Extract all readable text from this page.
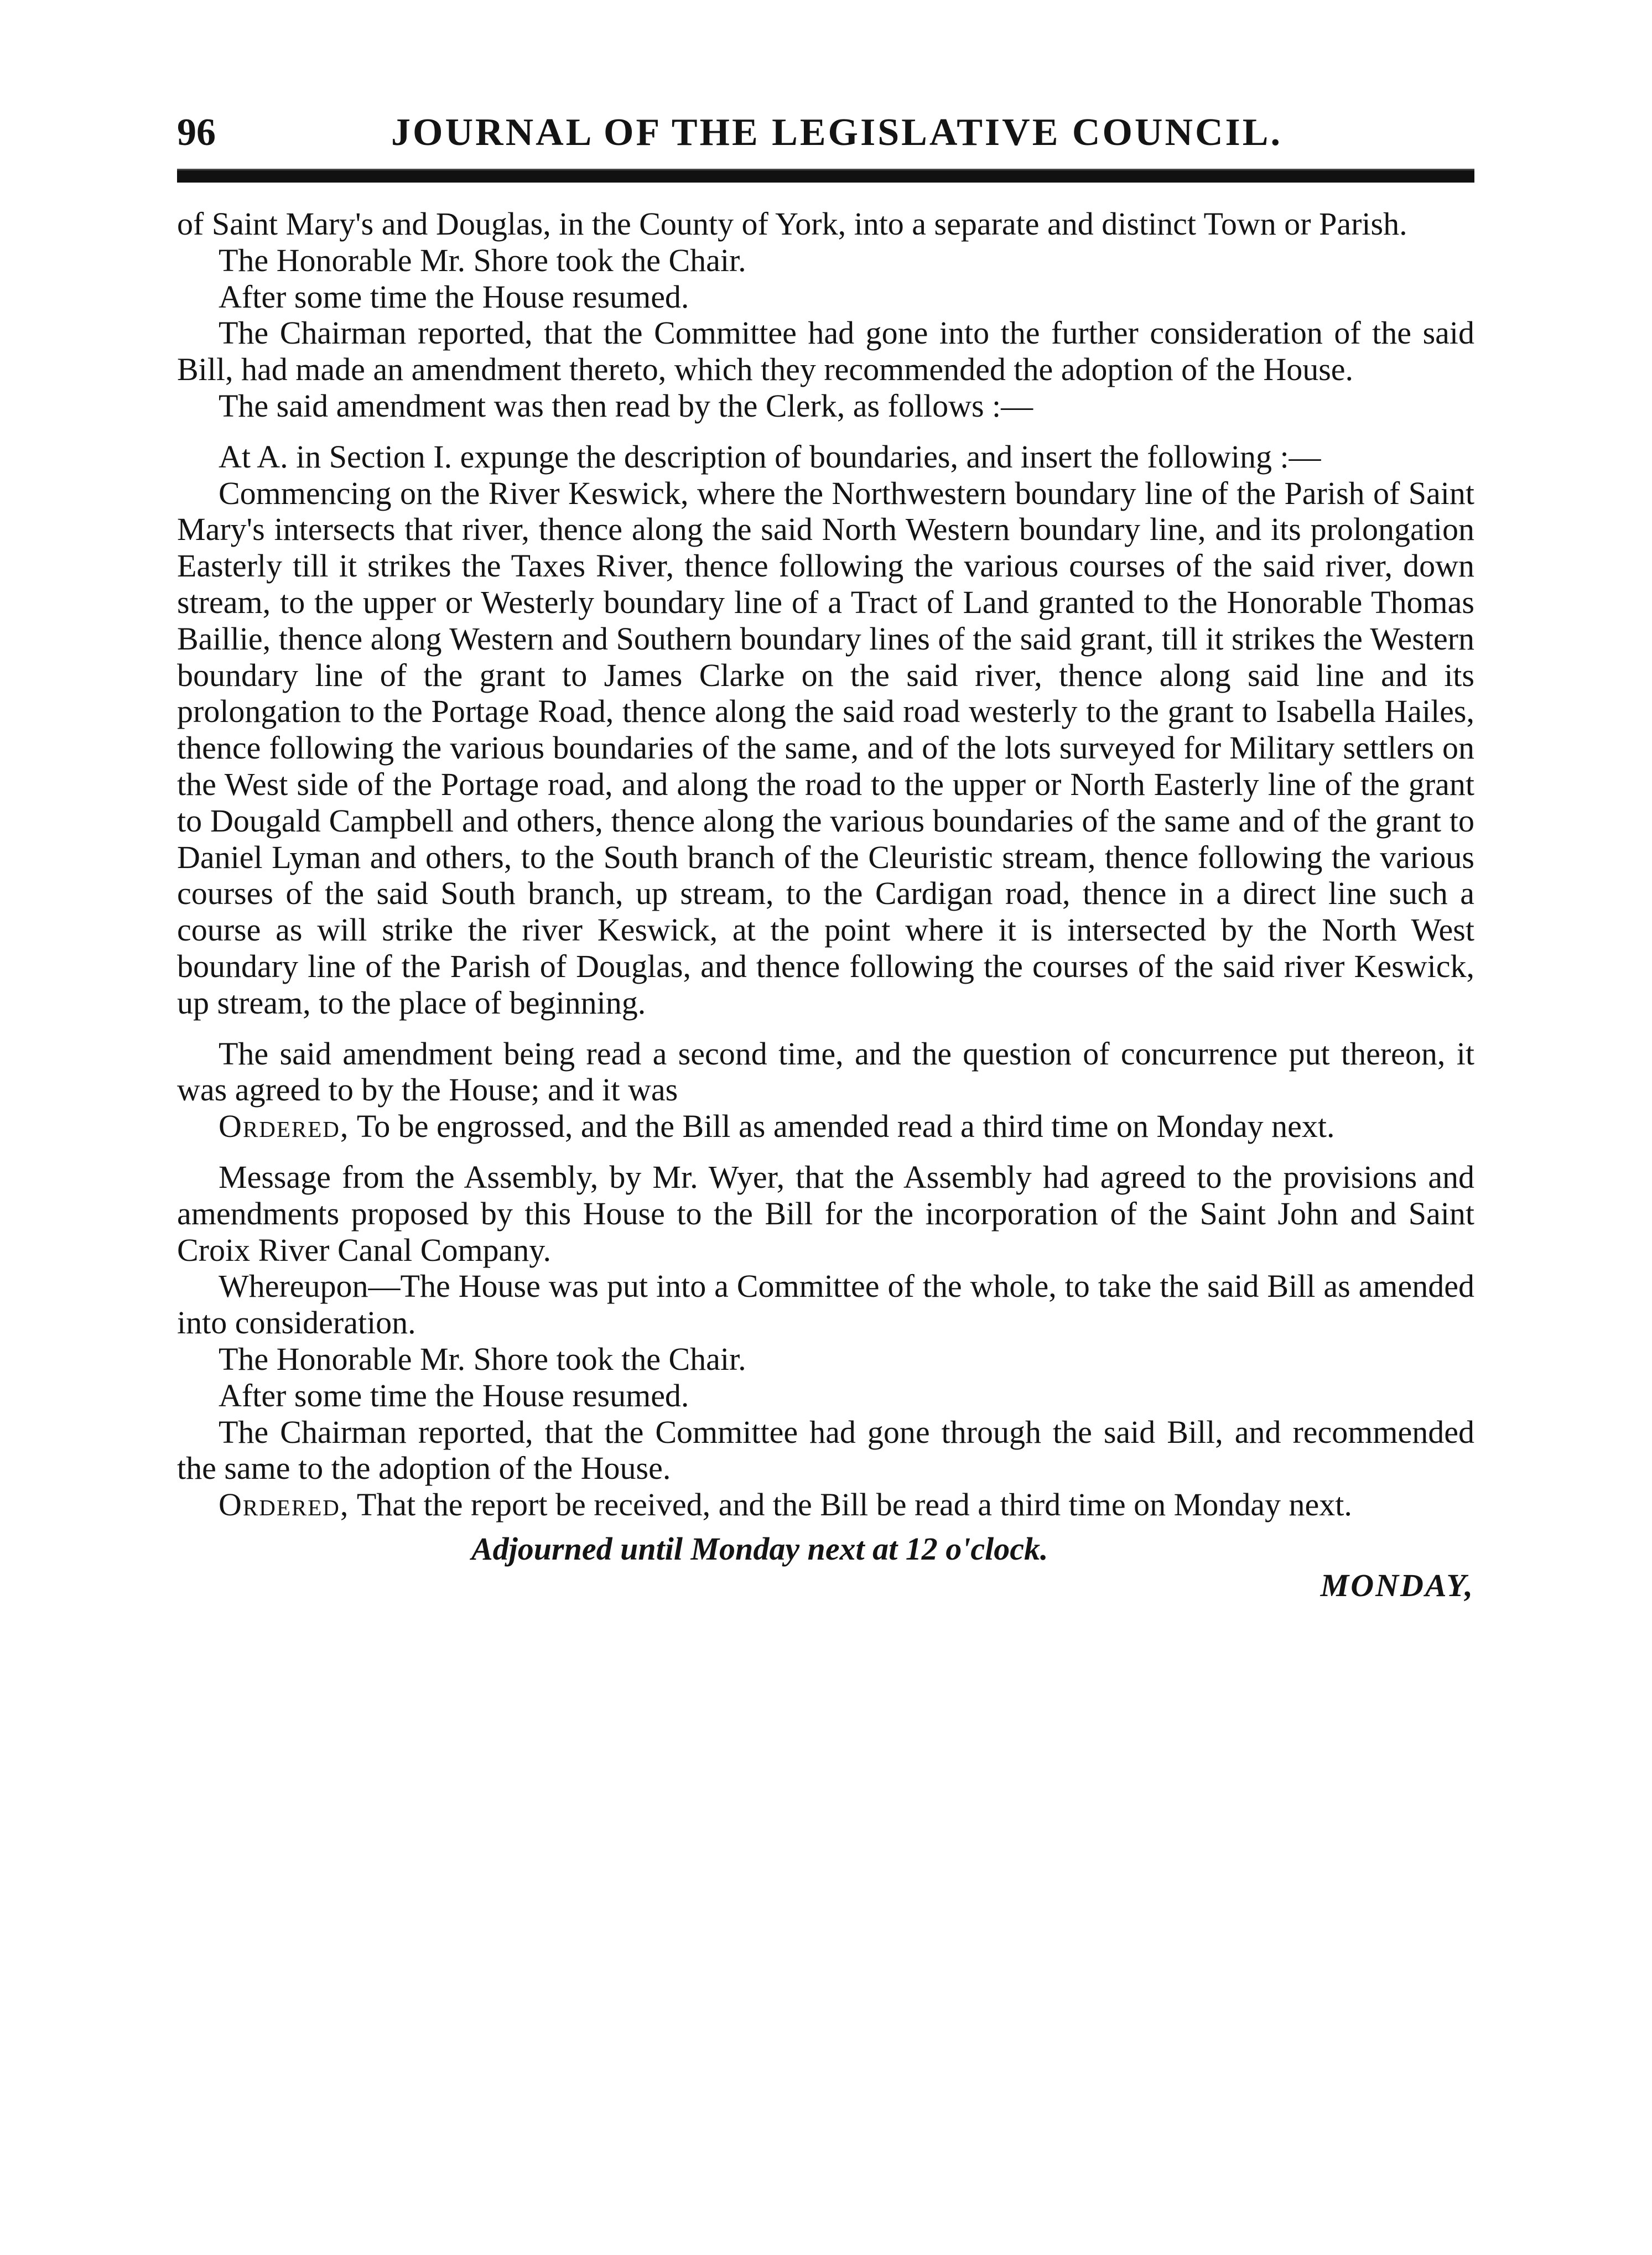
96	JOURNAL OF THE LEGISLATIVE COUNCIL.

of Saint Mary's and Douglas, in the County of York, into a separate and distinct Town or Parish.

The Honorable Mr. Shore took the Chair.

After some time the House resumed.

The Chairman reported, that the Committee had gone into the further consideration of the said Bill, had made an amendment thereto, which they recommended the adoption of the House.

The said amendment was then read by the Clerk, as follows :—

At A. in Section I. expunge the description of boundaries, and insert the following :—

Commencing on the River Keswick, where the Northwestern boundary line of the Parish of Saint Mary's intersects that river, thence along the said North Western boundary line, and its prolongation Easterly till it strikes the Taxes River, thence following the various courses of the said river, down stream, to the upper or Westerly boundary line of a Tract of Land granted to the Honorable Thomas Baillie, thence along Western and Southern boundary lines of the said grant, till it strikes the Western boundary line of the grant to James Clarke on the said river, thence along said line and its prolongation to the Portage Road, thence along the said road westerly to the grant to Isabella Hailes, thence following the various boundaries of the same, and of the lots surveyed for Military settlers on the West side of the Portage road, and along the road to the upper or North Easterly line of the grant to Dougald Campbell and others, thence along the various boundaries of the same and of the grant to Daniel Lyman and others, to the South branch of the Cleuristic stream, thence following the various courses of the said South branch, up stream, to the Cardigan road, thence in a direct line such a course as will strike the river Keswick, at the point where it is intersected by the North West boundary line of the Parish of Douglas, and thence following the courses of the said river Keswick, up stream, to the place of beginning.

The said amendment being read a second time, and the question of concurrence put thereon, it was agreed to by the House; and it was

Ordered, To be engrossed, and the Bill as amended read a third time on Monday next.

Message from the Assembly, by Mr. Wyer, that the Assembly had agreed to the provisions and amendments proposed by this House to the Bill for the incorporation of the Saint John and Saint Croix River Canal Company.

Whereupon—The House was put into a Committee of the whole, to take the said Bill as amended into consideration.

The Honorable Mr. Shore took the Chair.

After some time the House resumed.

The Chairman reported, that the Committee had gone through the said Bill, and recommended the same to the adoption of the House.

Ordered, That the report be received, and the Bill be read a third time on Monday next.

Adjourned until Monday next at 12 o'clock.

MONDAY,
